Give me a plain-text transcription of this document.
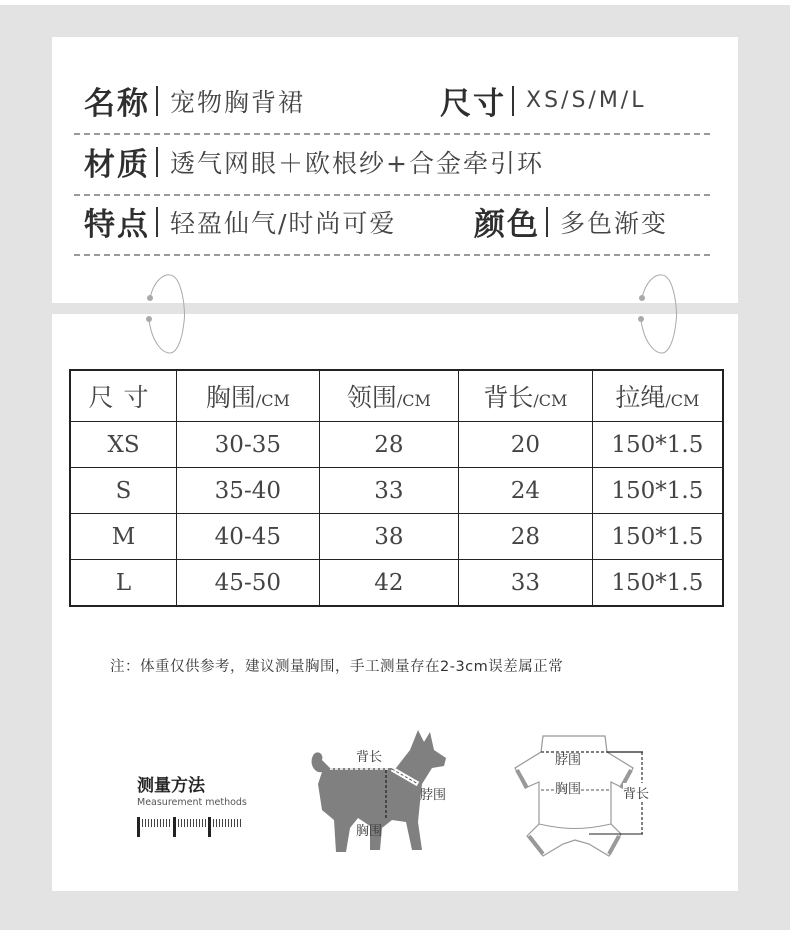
名称 宠物胸背裙	尺寸 XS/S/M/L
材质 透气网眼＋欧根纱+合金牵引环
特点 轻盈仙气/时尚可爱	颜色 多色渐变
尺寸	胸围/CM	领围/CM	背长/CM	拉绳/CM
XS	30-35	28	20	150*1.5
S	35-40	33	24	150*1.5
M	40-45	38	28	150*1.5
L	45-50	42	33	150*1.5
注：体重仅供参考，建议测量胸围，手工测量存在2-3cm误差属正常
测量方法
Measurement methods
背长
脖围
胸围
脖围
胸围	背长
